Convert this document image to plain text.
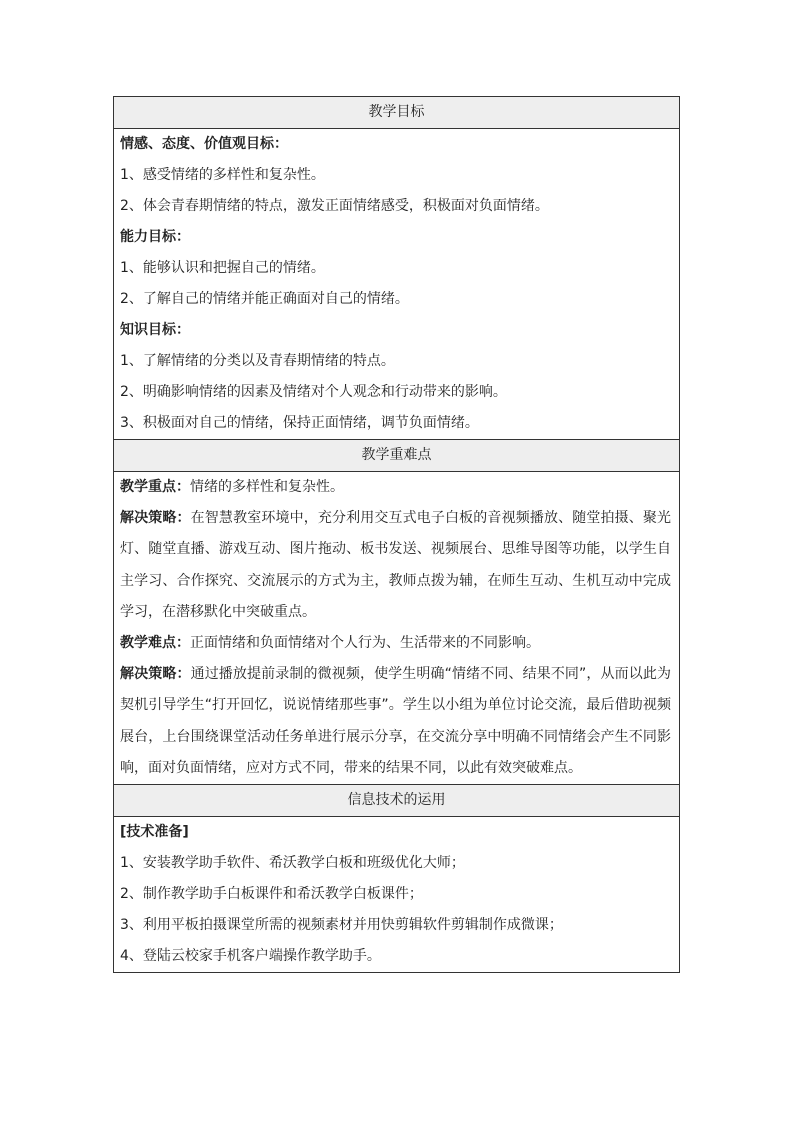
教学目标

情感、态度、价值观目标：
1、感受情绪的多样性和复杂性。
2、体会青春期情绪的特点，激发正面情绪感受，积极面对负面情绪。
能力目标：
1、能够认识和把握自己的情绪。
2、了解自己的情绪并能正确面对自己的情绪。
知识目标：
1、了解情绪的分类以及青春期情绪的特点。
2、明确影响情绪的因素及情绪对个人观念和行动带来的影响。
3、积极面对自己的情绪，保持正面情绪，调节负面情绪。

教学重难点

教学重点：情绪的多样性和复杂性。
解决策略：在智慧教室环境中，充分利用交互式电子白板的音视频播放、随堂拍摄、聚光灯、随堂直播、游戏互动、图片拖动、板书发送、视频展台、思维导图等功能，以学生自主学习、合作探究、交流展示的方式为主，教师点拨为辅，在师生互动、生机互动中完成学习，在潜移默化中突破重点。
教学难点：正面情绪和负面情绪对个人行为、生活带来的不同影响。
解决策略：通过播放提前录制的微视频，使学生明确“情绪不同、结果不同”，从而以此为契机引导学生“打开回忆，说说情绪那些事”。学生以小组为单位讨论交流，最后借助视频展台，上台围绕课堂活动任务单进行展示分享，在交流分享中明确不同情绪会产生不同影响，面对负面情绪，应对方式不同，带来的结果不同，以此有效突破难点。

信息技术的运用

[技术准备]
1、安装教学助手软件、希沃教学白板和班级优化大师；
2、制作教学助手白板课件和希沃教学白板课件；
3、利用平板拍摄课堂所需的视频素材并用快剪辑软件剪辑制作成微课；
4、登陆云校家手机客户端操作教学助手。
